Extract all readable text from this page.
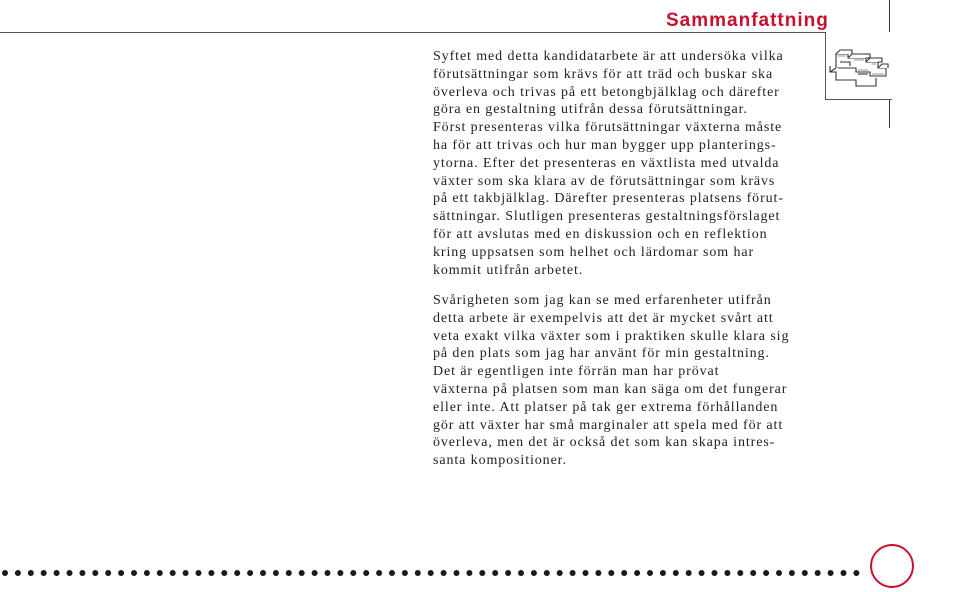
Sammanfattning

Syftet med detta kandidatarbete är att undersöka vilka
förutsättningar som krävs för att träd och buskar ska
överleva och trivas på ett betongbjälklag och därefter
göra en gestaltning utifrån dessa förutsättningar.
Först presenteras vilka förutsättningar växterna måste
ha för att trivas och hur man bygger upp planterings-
ytorna. Efter det presenteras en växtlista med utvalda
växter som ska klara av de förutsättningar som krävs
på ett takbjälklag. Därefter presenteras platsens förut-
sättningar. Slutligen presenteras gestaltningsförslaget
för att avslutas med en diskussion och en reflektion
kring uppsatsen som helhet och lärdomar som har
kommit utifrån arbetet.

Svårigheten som jag kan se med erfarenheter utifrån
detta arbete är exempelvis att det är mycket svårt att
veta exakt vilka växter som i praktiken skulle klara sig
på den plats som jag har använt för min gestaltning.
Det är egentligen inte förrän man har prövat
växterna på platsen som man kan säga om det fungerar
eller inte. Att platser på tak ger extrema förhållanden
gör att växter har små marginaler att spela med för att
överleva, men det är också det som kan skapa intres-
santa kompositioner.
